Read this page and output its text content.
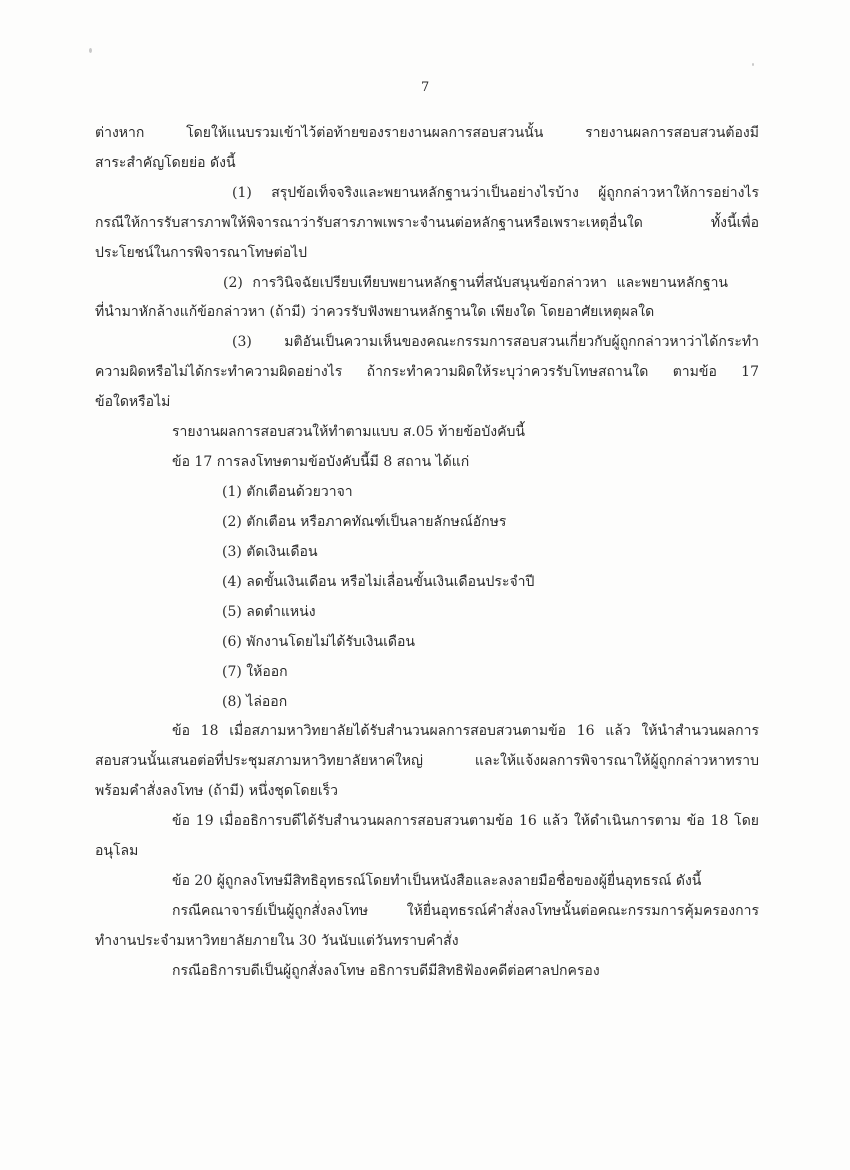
7
ต่างหาก โดยให้แนบรวมเข้าไว้ต่อท้ายของรายงานผลการสอบสวนนั้น รายงานผลการสอบสวนต้องมี
สาระสำคัญโดยย่อ ดังนี้
(1) สรุปข้อเท็จจริงและพยานหลักฐานว่าเป็นอย่างไรบ้าง ผู้ถูกกล่าวหาให้การอย่างไร
กรณีให้การรับสารภาพให้พิจารณาว่ารับสารภาพเพราะจำนนต่อหลักฐานหรือเพราะเหตุอื่นใด ทั้งนี้เพื่อ
ประโยชน์ในการพิจารณาโทษต่อไป
(2) การวินิจฉัยเปรียบเทียบพยานหลักฐานที่สนับสนุนข้อกล่าวหา และพยานหลักฐาน
ที่นำมาหักล้างแก้ข้อกล่าวหา (ถ้ามี) ว่าควรรับฟังพยานหลักฐานใด เพียงใด โดยอาศัยเหตุผลใด
(3) มติอันเป็นความเห็นของคณะกรรมการสอบสวนเกี่ยวกับผู้ถูกกล่าวหาว่าได้กระทำ
ความผิดหรือไม่ได้กระทำความผิดอย่างไร ถ้ากระทำความผิดให้ระบุว่าควรรับโทษสถานใด ตามข้อ 17
ข้อใดหรือไม่
รายงานผลการสอบสวนให้ทำตามแบบ ส.05 ท้ายข้อบังคับนี้
ข้อ 17 การลงโทษตามข้อบังคับนี้มี 8 สถาน ได้แก่
(1) ตักเตือนด้วยวาจา
(2) ตักเตือน หรือภาคทัณฑ์เป็นลายลักษณ์อักษร
(3) ตัดเงินเดือน
(4) ลดขั้นเงินเดือน หรือไม่เลื่อนขั้นเงินเดือนประจำปี
(5) ลดตำแหน่ง
(6) พักงานโดยไม่ได้รับเงินเดือน
(7) ให้ออก
(8) ไล่ออก
ข้อ 18 เมื่อสภามหาวิทยาลัยได้รับสำนวนผลการสอบสวนตามข้อ 16 แล้ว ให้นำสำนวนผลการ
สอบสวนนั้นเสนอต่อที่ประชุมสภามหาวิทยาลัยหาค่ใหญ่ และให้แจ้งผลการพิจารณาให้ผู้ถูกกล่าวหาทราบ
พร้อมคำสั่งลงโทษ (ถ้ามี) หนึ่งชุดโดยเร็ว
ข้อ 19 เมื่ออธิการบดีได้รับสำนวนผลการสอบสวนตามข้อ 16 แล้ว ให้ดำเนินการตาม ข้อ 18 โดย
อนุโลม
ข้อ 20 ผู้ถูกลงโทษมีสิทธิอุทธรณ์โดยทำเป็นหนังสือและลงลายมือชื่อของผู้ยื่นอุทธรณ์ ดังนี้
กรณีคณาจารย์เป็นผู้ถูกสั่งลงโทษ ให้ยื่นอุทธรณ์คำสั่งลงโทษนั้นต่อคณะกรรมการคุ้มครองการ
ทำงานประจำมหาวิทยาลัยภายใน 30 วันนับแต่วันทราบคำสั่ง
กรณีอธิการบดีเป็นผู้ถูกสั่งลงโทษ อธิการบดีมีสิทธิฟ้องคดีต่อศาลปกครอง
